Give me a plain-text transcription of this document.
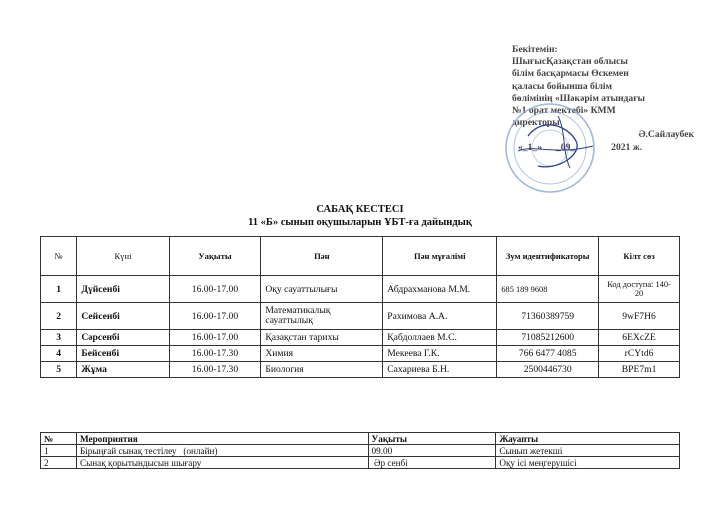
Бекітемін:
ШығысҚазақстан облысы
білім басқармасы Өскемен
қаласы бойынша білім
бөлімінің «Шәкәрім атындағы
№1 орат мектебі» КММ
директоры

Ә.Сайлаубек
«_1_» _09_	2021 ж.
САБАҚ КЕСТЕСІ
11 «Б» сынып оқушыларын ҰБТ-ға дайындық
№	Күні	Уақыты	Пән	Пән мұғалімі	Зум идентификаторы	Кілт сөз
1	Дүйсенбі	16.00-17.00	Оқу сауаттылығы	Абдрахманова М.М.	685 189 9608	Код доступа: 140-20
2	Сейсенбі	16.00-17.00	Математикалық сауаттылық	Рахимова А.А.	71360389759	9wF7H6
3	Сәрсенбі	16.00-17.00	Қазақстан тарихы	Қабдоллаев М.С.	71085212600	6EXcZE
4	Бейсенбі	16.00-17.30	Химия	Мекеева Г.К.	766 6477 4085	rCYtd6
5	Жұма	16.00-17.30	Биология	Сахариева Б.Н.	2500446730	BPE7m1
№	Мероприятия	Уақыты	Жауапты
1	Бірыңғай сынақ тестілеу   (онлайн)	09.00	Сынып жетекші
2	Сынақ қорытындысын шығару	Әр сенбі	Оқу ісі меңгерушісі
